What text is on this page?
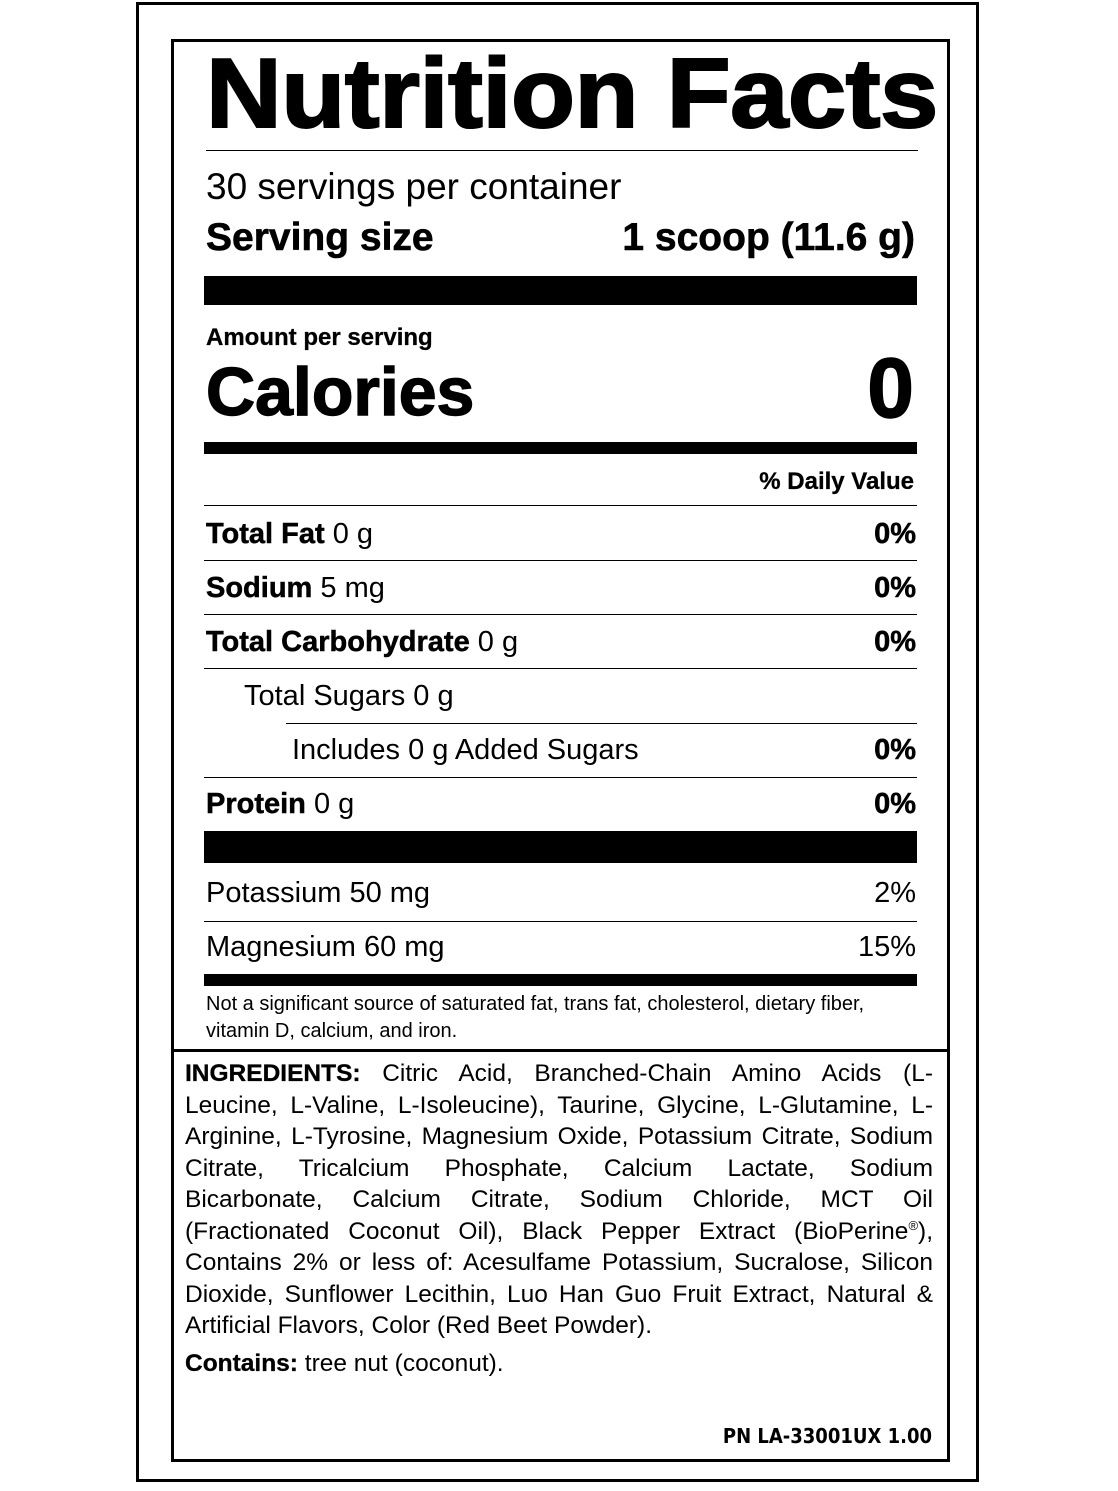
Nutrition Facts
30 servings per container
Serving size	1 scoop (11.6 g)
Amount per serving
Calories	0
% Daily Value
Total Fat 0 g	0%
Sodium 5 mg	0%
Total Carbohydrate 0 g	0%
Total Sugars 0 g
Includes 0 g Added Sugars	0%
Protein 0 g	0%
Potassium 50 mg	2%
Magnesium 60 mg	15%
Not a significant source of saturated fat, trans fat, cholesterol, dietary fiber, vitamin D, calcium, and iron.
INGREDIENTS: Citric Acid, Branched-Chain Amino Acids (L-Leucine, L-Valine, L-Isoleucine), Taurine, Glycine, L-Glutamine, L-Arginine, L-Tyrosine, Magnesium Oxide, Potassium Citrate, Sodium Citrate, Tricalcium Phosphate, Calcium Lactate, Sodium Bicarbonate, Calcium Citrate, Sodium Chloride, MCT Oil (Fractionated Coconut Oil), Black Pepper Extract (BioPerine®), Contains 2% or less of: Acesulfame Potassium, Sucralose, Silicon Dioxide, Sunflower Lecithin, Luo Han Guo Fruit Extract, Natural & Artificial Flavors, Color (Red Beet Powder).
Contains: tree nut (coconut).
PN LA-33001UX 1.00
